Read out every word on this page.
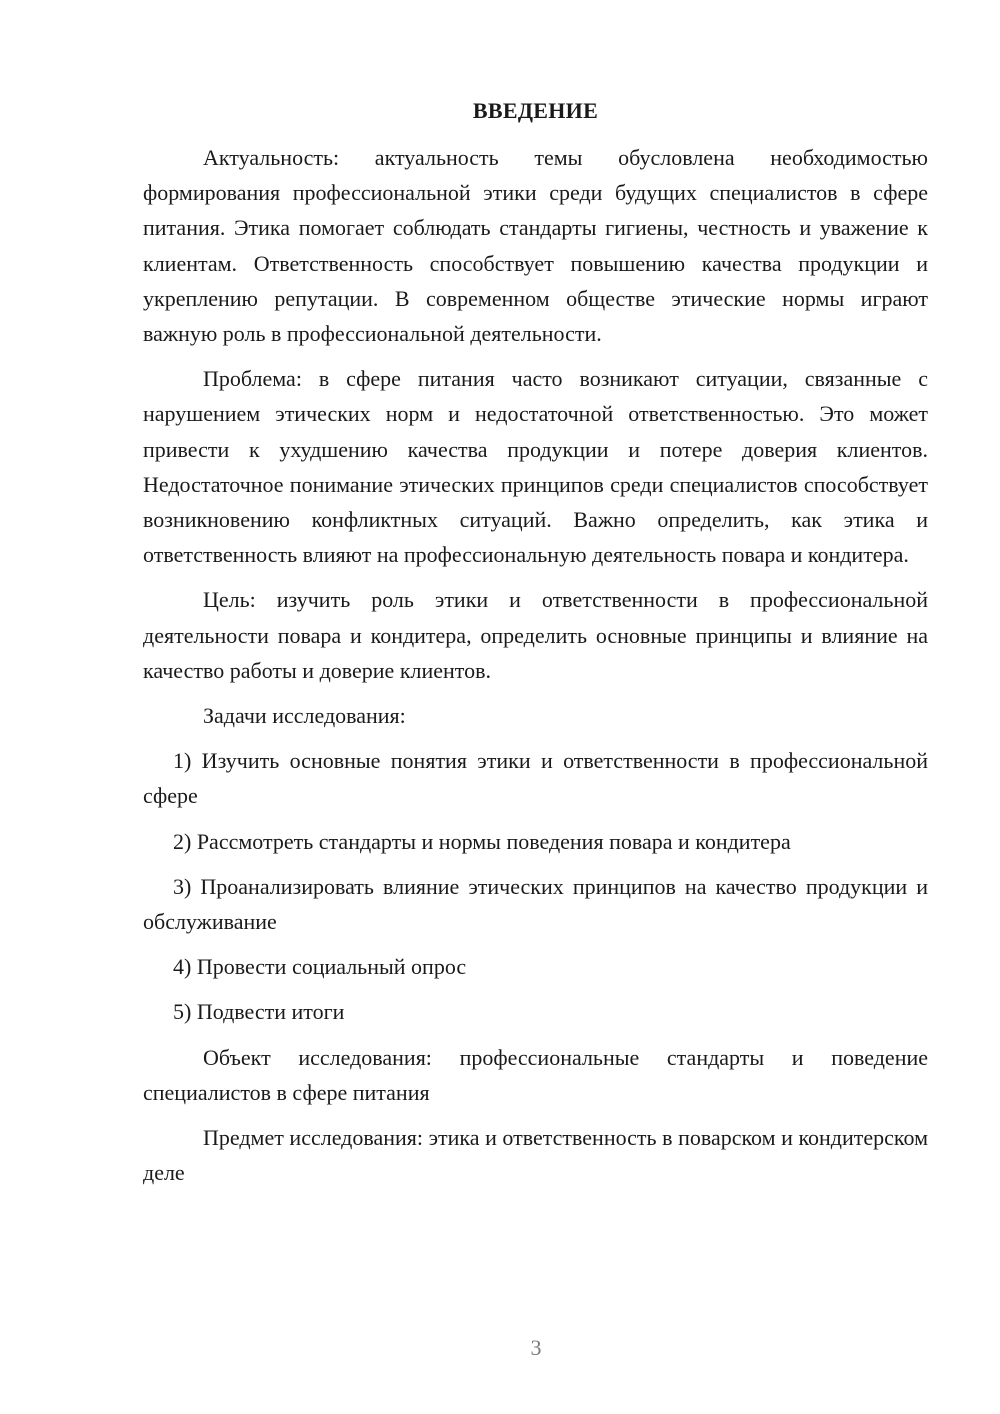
ВВЕДЕНИЕ

Актуальность: актуальность темы обусловлена необходимостью формирования профессиональной этики среди будущих специалистов в сфере питания. Этика помогает соблюдать стандарты гигиены, честность и уважение к клиентам. Ответственность способствует повышению качества продукции и укреплению репутации. В современном обществе этические нормы играют важную роль в профессиональной деятельности.

Проблема: в сфере питания часто возникают ситуации, связанные с нарушением этических норм и недостаточной ответственностью. Это может привести к ухудшению качества продукции и потере доверия клиентов. Недостаточное понимание этических принципов среди специалистов способствует возникновению конфликтных ситуаций. Важно определить, как этика и ответственность влияют на профессиональную деятельность повара и кондитера.

Цель: изучить роль этики и ответственности в профессиональной деятельности повара и кондитера, определить основные принципы и влияние на качество работы и доверие клиентов.

Задачи исследования:

1) Изучить основные понятия этики и ответственности в профессиональной сфере

2) Рассмотреть стандарты и нормы поведения повара и кондитера

3) Проанализировать влияние этических принципов на качество продукции и обслуживание

4) Провести социальный опрос

5) Подвести итоги

Объект исследования: профессиональные стандарты и поведение специалистов в сфере питания

Предмет исследования: этика и ответственность в поварском и кондитерском деле

3
